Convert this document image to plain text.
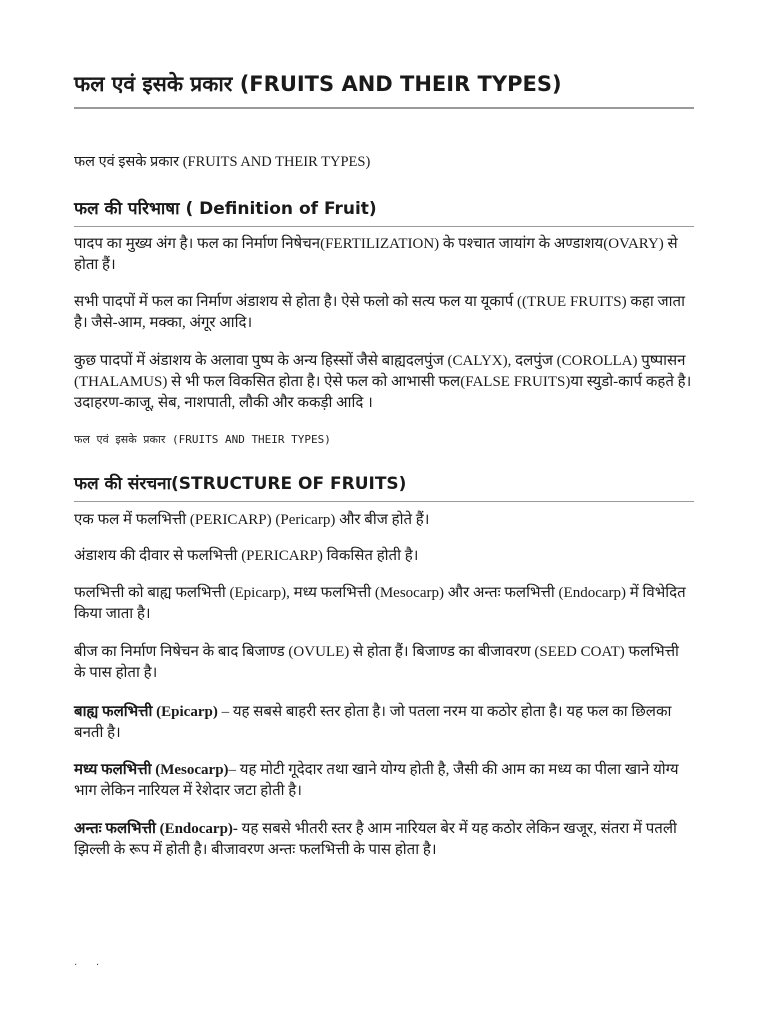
फल एवं इसके प्रकार (FRUITS AND THEIR TYPES)

फल एवं इसके प्रकार (FRUITS AND THEIR TYPES)

फल की परिभाषा ( Definition of Fruit)

पादप का मुख्य अंग है। फल का निर्माण निषेचन(FERTILIZATION) के पश्चात जायांग के अण्डाशय(OVARY) से होता हैं।

सभी पादपों में फल का निर्माण अंडाशय से होता है। ऐसे फलो को सत्य फल या यूकार्प ((TRUE FRUITS) कहा जाता है। जैसे-आम, मक्का, अंगूर आदि।

कुछ पादपों में अंडाशय के अलावा पुष्प के अन्य हिस्सों जैसे बाह्यदलपुंज (CALYX), दलपुंज (COROLLA) पुष्पासन (THALAMUS) से भी फल विकसित होता है। ऐसे फल को आभासी फल(FALSE FRUITS)या स्युडो-कार्प कहते है। उदाहरण-काजू, सेब, नाशपाती, लौकी और ककड़ी आदि ।

फल एवं इसके प्रकार (FRUITS AND THEIR TYPES)

फल की संरचना(STRUCTURE OF FRUITS)

एक फल में फलभित्ती (PERICARP) (Pericarp) और बीज होते हैं।

अंडाशय की दीवार से फलभित्ती (PERICARP) विकसित होती है।

फलभित्ती को बाह्य फलभित्ती (Epicarp), मध्य फलभित्ती (Mesocarp) और अन्तः फलभित्ती (Endocarp) में विभेदित किया जाता है।

बीज का निर्माण निषेचन के बाद बिजाण्ड (OVULE) से होता हैं। बिजाण्ड का बीजावरण (SEED COAT) फलभित्ती के पास होता है।

बाह्य फलभित्ती (Epicarp) – यह सबसे बाहरी स्तर होता है। जो पतला नरम या कठोर होता है। यह फल का छिलका बनती है।

मध्य फलभित्ती (Mesocarp)– यह मोटी गूदेदार तथा खाने योग्य होती है, जैसी की आम का मध्य का पीला खाने योग्य भाग लेकिन नारियल में रेशेदार जटा होती है।

अन्तः फलभित्ती (Endocarp)- यह सबसे भीतरी स्तर है आम नारियल बेर में यह कठोर लेकिन खजूर, संतरा में पतली झिल्ली के रूप में होती है। बीजावरण अन्तः फलभित्ती के पास होता है।

· ·
